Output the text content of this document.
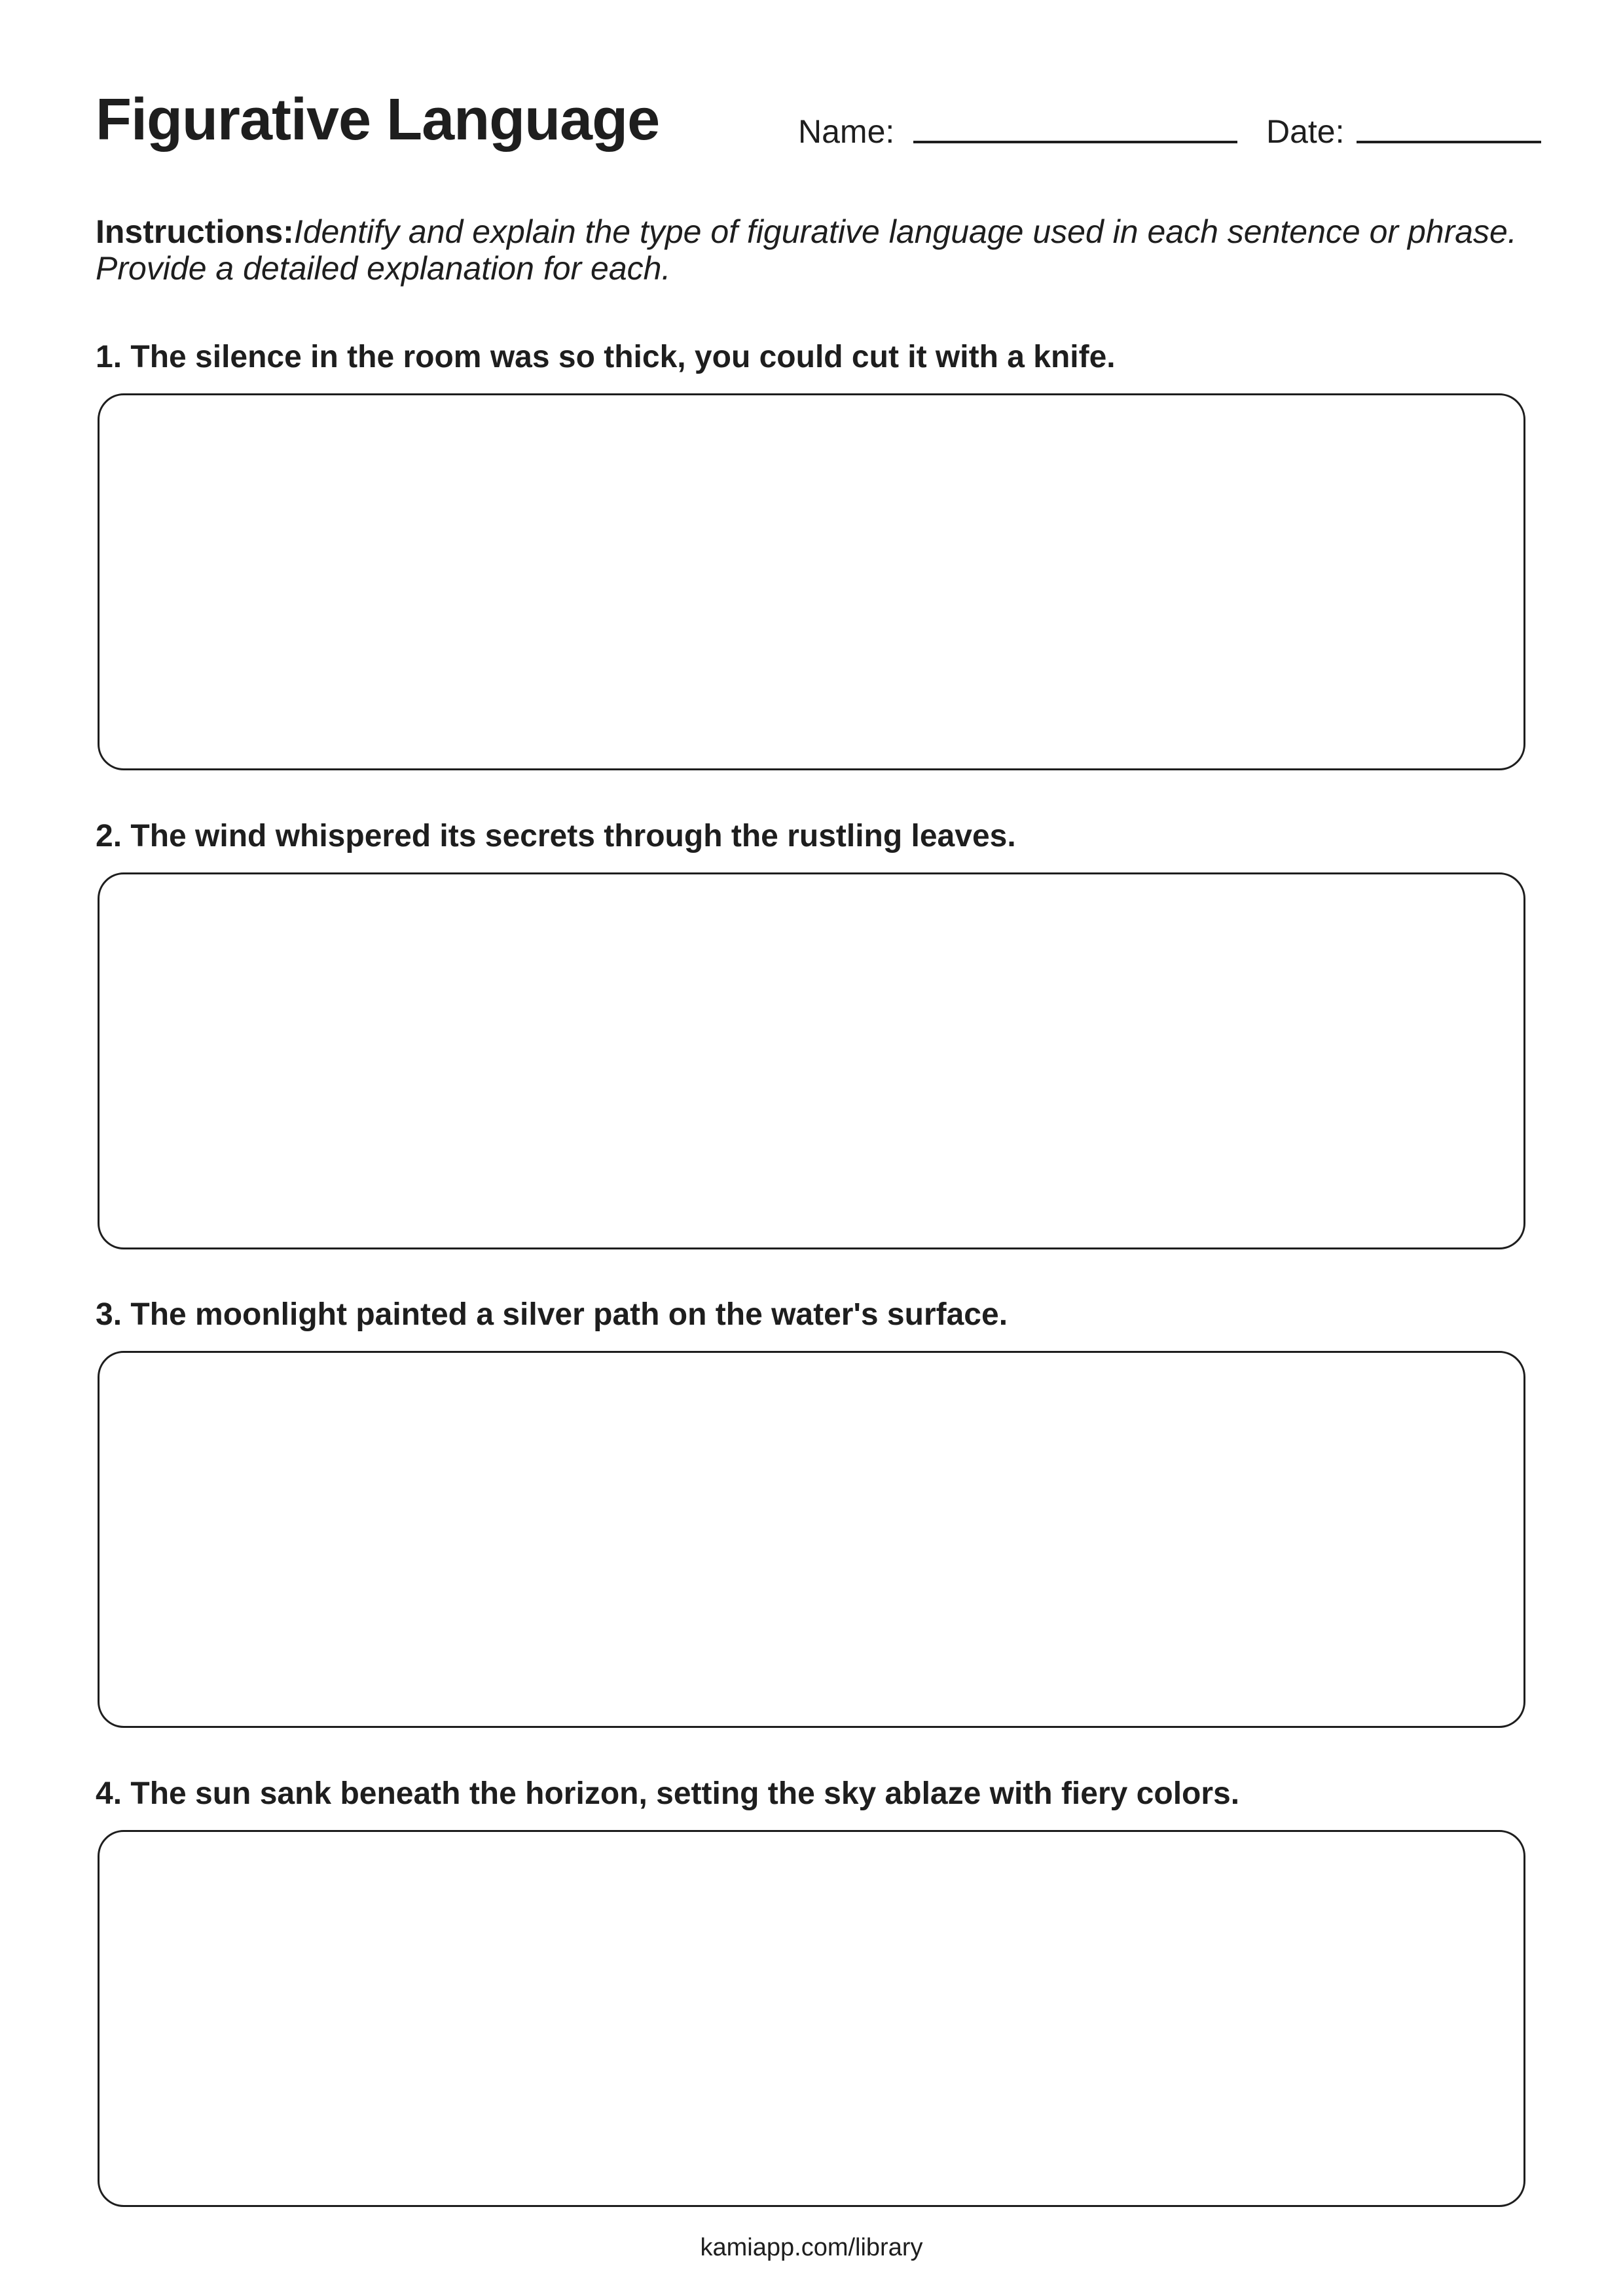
Figurative Language	Name:	Date:
Instructions:Identify and explain the type of figurative language used in each sentence or phrase. Provide a detailed explanation for each.

1. The silence in the room was so thick, you could cut it with a knife.

2. The wind whispered its secrets through the rustling leaves.

3. The moonlight painted a silver path on the water's surface.

4. The sun sank beneath the horizon, setting the sky ablaze with fiery colors.

kamiapp.com/library
